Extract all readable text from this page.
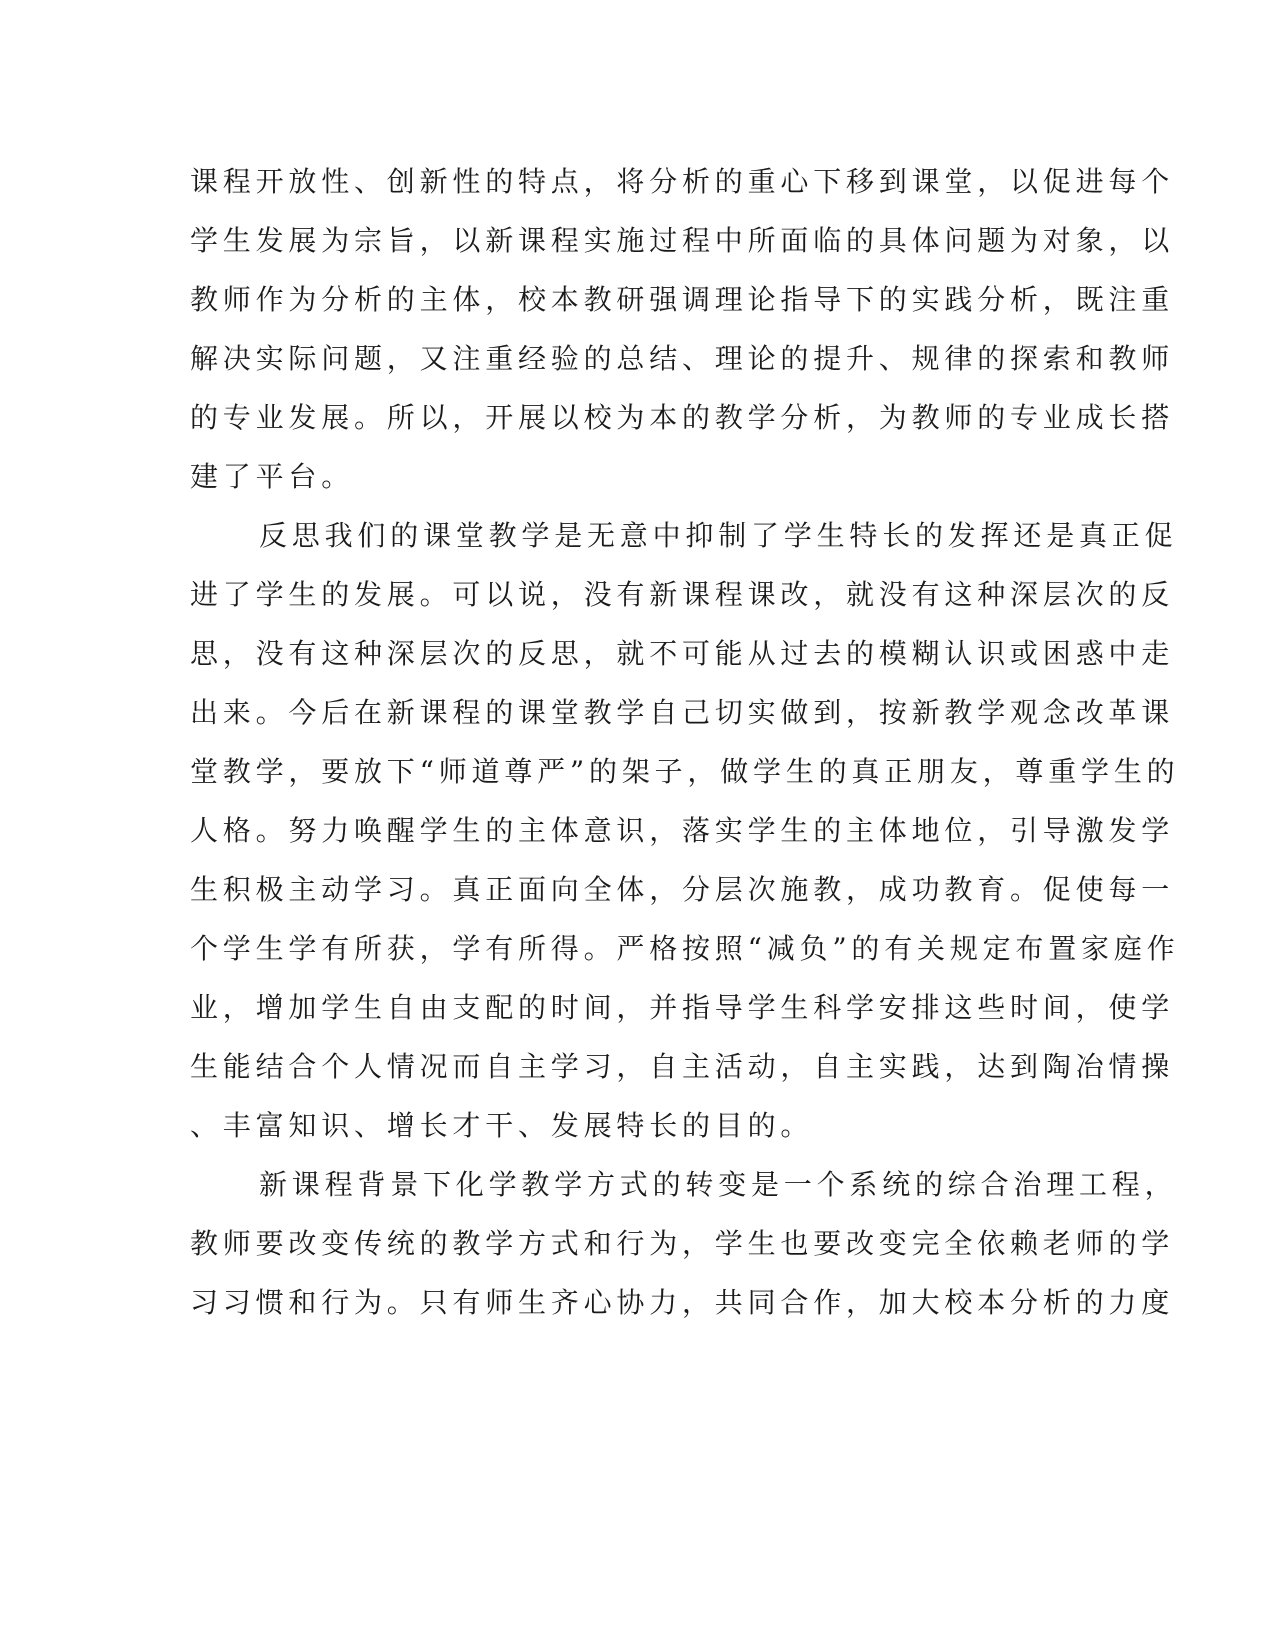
课程开放性、创新性的特点，将分析的重心下移到课堂，以促进每个
学生发展为宗旨，以新课程实施过程中所面临的具体问题为对象，以
教师作为分析的主体，校本教研强调理论指导下的实践分析，既注重
解决实际问题，又注重经验的总结、理论的提升、规律的探索和教师
的专业发展。所以，开展以校为本的教学分析，为教师的专业成长搭
建了平台。
反思我们的课堂教学是无意中抑制了学生特长的发挥还是真正促
进了学生的发展。可以说，没有新课程课改，就没有这种深层次的反
思，没有这种深层次的反思，就不可能从过去的模糊认识或困惑中走
出来。今后在新课程的课堂教学自己切实做到，按新教学观念改革课
堂教学，要放下“师道尊严”的架子，做学生的真正朋友，尊重学生的
人格。努力唤醒学生的主体意识，落实学生的主体地位，引导激发学
生积极主动学习。真正面向全体，分层次施教，成功教育。促使每一
个学生学有所获，学有所得。严格按照“减负”的有关规定布置家庭作
业，增加学生自由支配的时间，并指导学生科学安排这些时间，使学
生能结合个人情况而自主学习，自主活动，自主实践，达到陶冶情操
、丰富知识、增长才干、发展特长的目的。
新课程背景下化学教学方式的转变是一个系统的综合治理工程，
教师要改变传统的教学方式和行为，学生也要改变完全依赖老师的学
习习惯和行为。只有师生齐心协力，共同合作，加大校本分析的力度
